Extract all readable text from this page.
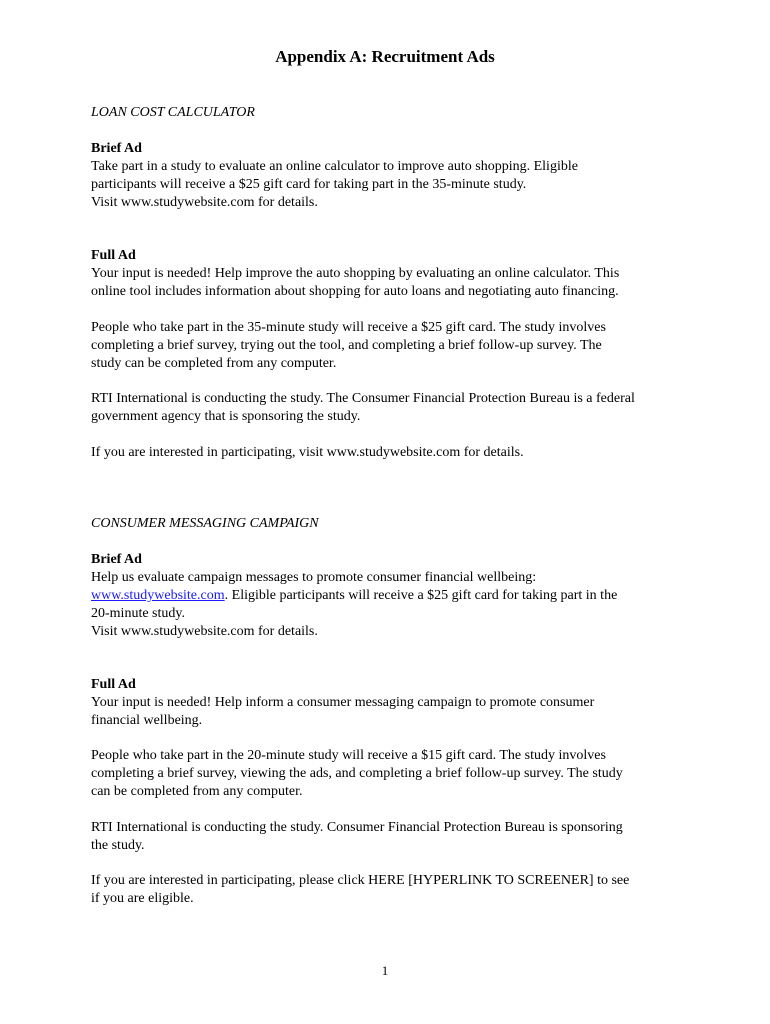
Appendix A: Recruitment Ads
LOAN COST CALCULATOR
Brief Ad
Take part in a study to evaluate an online calculator to improve auto shopping. Eligible
participants will receive a $25 gift card for taking part in the 35-minute study.
Visit www.studywebsite.com for details.
Full Ad
Your input is needed! Help improve the auto shopping by evaluating an online calculator. This
online tool includes information about shopping for auto loans and negotiating auto financing.
People who take part in the 35-minute study will receive a $25 gift card. The study involves
completing a brief survey, trying out the tool, and completing a brief follow-up survey. The
study can be completed from any computer.
RTI International is conducting the study. The Consumer Financial Protection Bureau is a federal
government agency that is sponsoring the study.
If you are interested in participating, visit www.studywebsite.com for details.
CONSUMER MESSAGING CAMPAIGN
Brief Ad
Help us evaluate campaign messages to promote consumer financial wellbeing:
www.studywebsite.com. Eligible participants will receive a $25 gift card for taking part in the
20-minute study.
Visit www.studywebsite.com for details.
Full Ad
Your input is needed! Help inform a consumer messaging campaign to promote consumer
financial wellbeing.
People who take part in the 20-minute study will receive a $15 gift card. The study involves
completing a brief survey, viewing the ads, and completing a brief follow-up survey. The study
can be completed from any computer.
RTI International is conducting the study. Consumer Financial Protection Bureau is sponsoring
the study.
If you are interested in participating, please click HERE [HYPERLINK TO SCREENER] to see
if you are eligible.
1
